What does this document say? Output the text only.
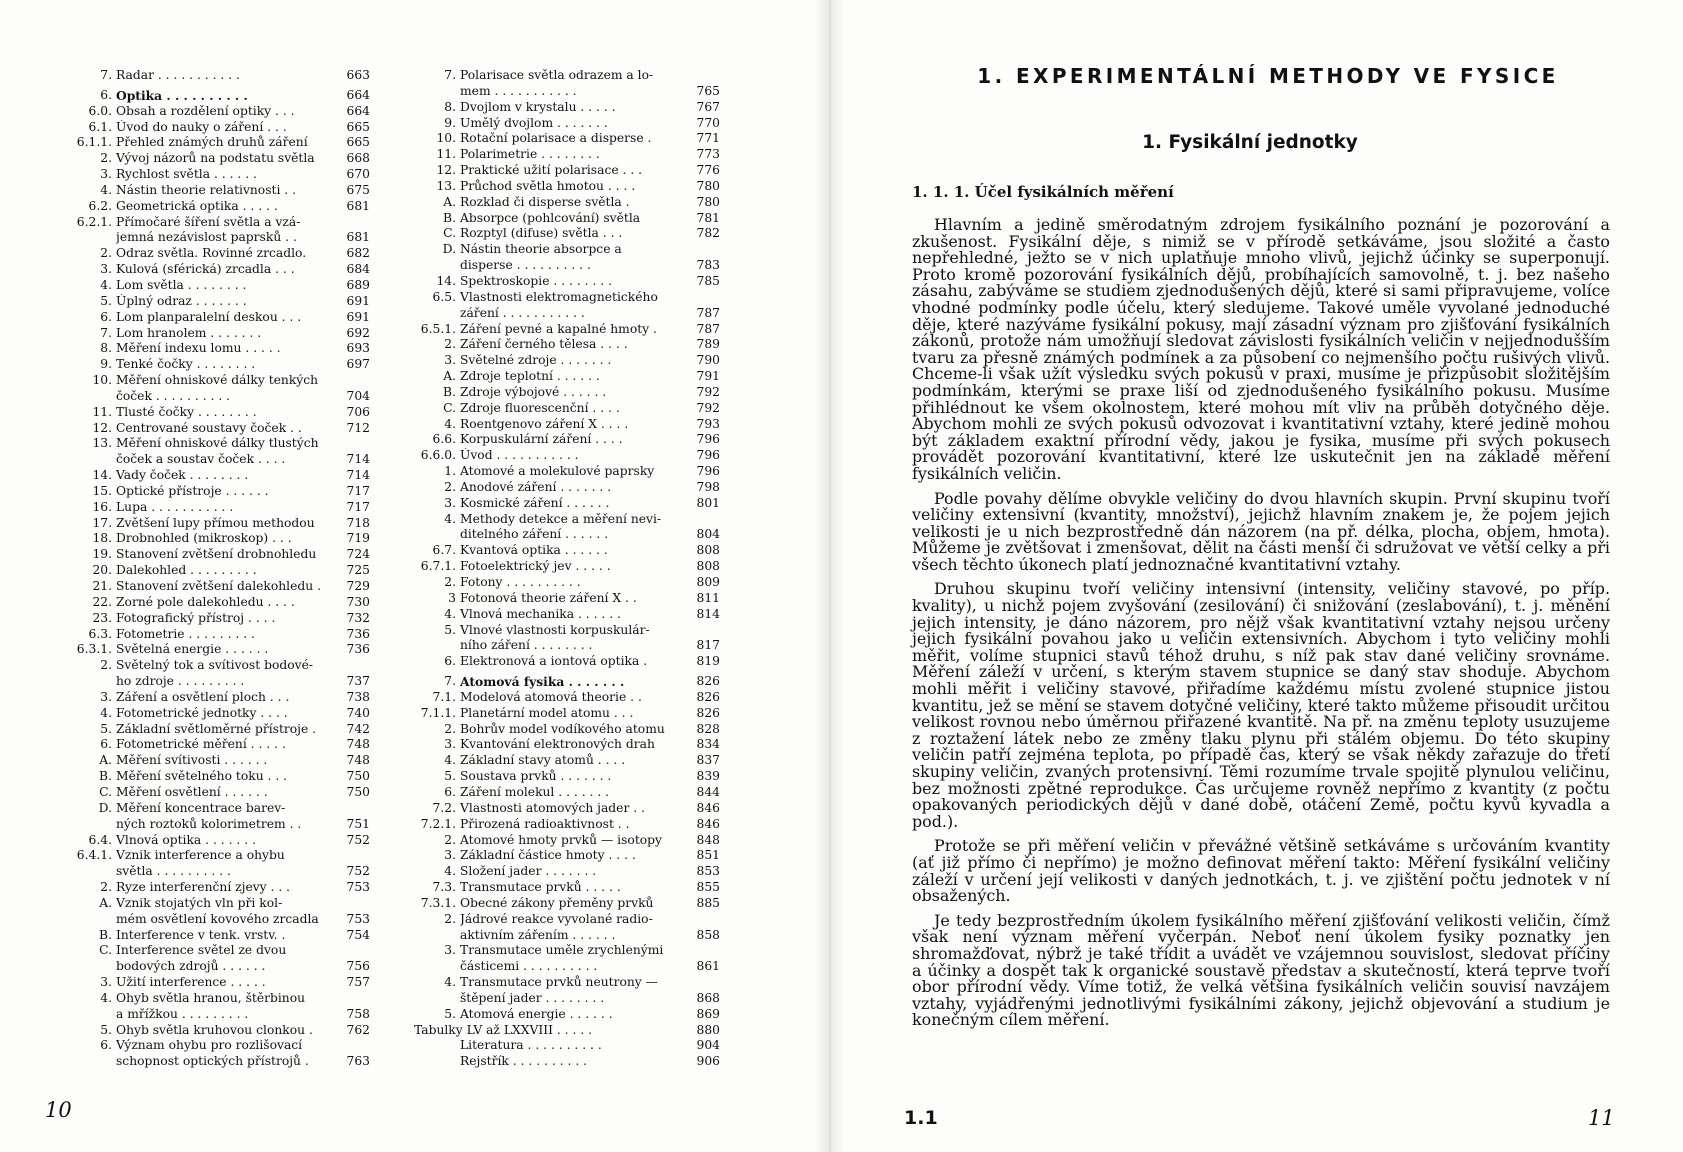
7. Radar . . . . . . . . . . .	663
6. Optika . . . . . . . . . .	664
6.0. Obsah a rozdělení optiky . . .	664
6.1. Úvod do nauky o záření . . .	665
6.1.1. Přehled známých druhů záření	665
2. Vývoj názorů na podstatu světla	668
3. Rychlost světla . . . . . .	670
4. Nástin theorie relativnosti . .	675
6.2. Geometrická optika . . . . .	681
6.2.1. Přímočaré šíření světla a vzá-
jemná nezávislost paprsků . .	681
2. Odraz světla. Rovinné zrcadlo.	682
3. Kulová (sférická) zrcadla . . .	684
4. Lom světla . . . . . . . .	689
5. Úplný odraz . . . . . . .	691
6. Lom planparalelní deskou . . .	691
7. Lom hranolem . . . . . . .	692
8. Měření indexu lomu . . . . .	693
9. Tenké čočky . . . . . . . .	697
10. Měření ohniskové dálky tenkých
čoček . . . . . . . . . .	704
11. Tlusté čočky . . . . . . . .	706
12. Centrované soustavy čoček . .	712
13. Měření ohniskové dálky tlustých
čoček a soustav čoček . . . .	714
14. Vady čoček . . . . . . . .	714
15. Optické přístroje . . . . . .	717
16. Lupa . . . . . . . . . . .	717
17. Zvětšení lupy přímou methodou	718
18. Drobnohled (mikroskop) . . .	719
19. Stanovení zvětšení drobnohledu	724
20. Dalekohled . . . . . . . . .	725
21. Stanovení zvětšení dalekohledu .	729
22. Zorné pole dalekohledu . . . .	730
23. Fotografický přístroj . . . .	732
6.3. Fotometrie . . . . . . . . .	736
6.3.1. Světelná energie . . . . . .	736
2. Světelný tok a svítivost bodové-
ho zdroje . . . . . . . . .	737
3. Záření a osvětlení ploch . . .	738
4. Fotometrické jednotky . . . .	740
5. Základní světloměrné přístroje .	742
6. Fotometrické měření . . . . .	748
A. Měření svítivosti . . . . . .	748
B. Měření světelného toku . . .	750
C. Měření osvětlení . . . . . .	750
D. Měření koncentrace barev-
ných roztoků kolorimetrem . .	751
6.4. Vlnová optika . . . . . . .	752
6.4.1. Vznik interference a ohybu
světla . . . . . . . . . .	752
2. Ryze interferenční zjevy . . .	753
A. Vznik stojatých vln při kol-
mém osvětlení kovového zrcadla	753
B. Interference v tenk. vrstv. .	754
C. Interference světel ze dvou
bodových zdrojů . . . . . .	756
3. Užití interference . . . . .	757
4. Ohyb světla hranou, štěrbinou
a mřížkou . . . . . . . . .	758
5. Ohyb světla kruhovou clonkou .	762
6. Význam ohybu pro rozlišovací
schopnost optických přístrojů .	763
7. Polarisace světla odrazem a lo-
mem . . . . . . . . . . .	765
8. Dvojlom v krystalu . . . . .	767
9. Umělý dvojlom . . . . . . .	770
10. Rotační polarisace a disperse .	771
11. Polarimetrie . . . . . . . .	773
12. Praktické užití polarisace . . .	776
13. Průchod světla hmotou . . . .	780
A. Rozklad či disperse světla .	780
B. Absorpce (pohlcování) světla	781
C. Rozptyl (difuse) světla . . .	782
D. Nástin theorie absorpce a
disperse . . . . . . . . . .	783
14. Spektroskopie . . . . . . . .	785
6.5. Vlastnosti elektromagnetického
záření . . . . . . . . . . .	787
6.5.1. Záření pevné a kapalné hmoty .	787
2. Záření černého tělesa . . . .	789
3. Světelné zdroje . . . . . . .	790
A. Zdroje teplotní . . . . . .	791
B. Zdroje výbojové . . . . . .	792
C. Zdroje fluorescenční . . . .	792
4. Roentgenovo záření X . . . .	793
6.6. Korpuskulární záření . . . .	796
6.6.0. Úvod . . . . . . . . . . .	796
1. Atomové a molekulové paprsky	796
2. Anodové záření . . . . . . .	798
3. Kosmické záření . . . . . .	801
4. Methody detekce a měření nevi-
ditelného záření . . . . . .	804
6.7. Kvantová optika . . . . . .	808
6.7.1. Fotoelektrický jev . . . . .	808
2. Fotony . . . . . . . . . .	809
3 Fotonová theorie záření X . .	811
4. Vlnová mechanika . . . . . .	814
5. Vlnové vlastnosti korpuskulár-
ního záření . . . . . . . .	817
6. Elektronová a iontová optika .	819
7. Atomová fysika . . . . . . .	826
7.1. Modelová atomová theorie . .	826
7.1.1. Planetární model atomu . . .	826
2. Bohrův model vodíkového atomu	828
3. Kvantování elektronových drah	834
4. Základní stavy atomů . . . .	837
5. Soustava prvků . . . . . . .	839
6. Záření molekul . . . . . . .	844
7.2. Vlastnosti atomových jader . .	846
7.2.1. Přirozená radioaktivnost . .	846
2. Atomové hmoty prvků — isotopy	848
3. Základní částice hmoty . . . .	851
4. Složení jader . . . . . . .	853
7.3. Transmutace prvků . . . . .	855
7.3.1. Obecné zákony přeměny prvků	885
2. Jádrové reakce vyvolané radio-
aktivním zářením . . . . . .	858
3. Transmutace uměle zrychlenými
částicemi . . . . . . . . . .	861
4. Transmutace prvků neutrony —
štěpení jader . . . . . . . .	868
5. Atomová energie . . . . . .	869
Tabulky LV až LXXVIII . . . . .	880
Literatura . . . . . . . . . .	904
Rejstřík . . . . . . . . . .	906
10
1. EXPERIMENTÁLNÍ METHODY VE FYSICE
1. Fysikální jednotky
1. 1. 1. Účel fysikálních měření

Hlavním a jedině směrodatným zdrojem fysikálního poznání je pozorování a zkušenost. Fysikální děje, s nimiž se v přírodě setkáváme, jsou složité a často nepřehledné, ježto se v nich uplatňuje mnoho vlivů, jejichž účinky se superponují. Proto kromě pozorování fysikálních dějů, probíhajících samovolně, t. j. bez našeho zásahu, zabýváme se studiem zjednodušených dějů, které si sami připravujeme, volíce vhodné podmínky podle účelu, který sledujeme. Takové uměle vyvolané jednoduché děje, které nazýváme fysikální pokusy, mají zásadní význam pro zjišťování fysikálních zákonů, protože nám umožňují sledovat závislosti fysikálních veličin v nejjednodušším tvaru za přesně známých podmínek a za působení co nejmenšího počtu rušivých vlivů. Chceme-li však užít výsledku svých pokusů v praxi, musíme je přizpůsobit složitějším podmínkám, kterými se praxe liší od zjednodušeného fysikálního pokusu. Musíme přihlédnout ke všem okolnostem, které mohou mít vliv na průběh dotyčného děje. Abychom mohli ze svých pokusů odvozovat i kvantitativní vztahy, které jedině mohou být základem exaktní přírodní vědy, jakou je fysika, musíme při svých pokusech provádět pozorování kvantitativní, které lze uskutečnit jen na základě měření fysikálních veličin.

Podle povahy dělíme obvykle veličiny do dvou hlavních skupin. První skupinu tvoří veličiny extensivní (kvantity, množství), jejichž hlavním znakem je, že pojem jejich velikosti je u nich bezprostředně dán názorem (na př. délka, plocha, objem, hmota). Můžeme je zvětšovat i zmenšovat, dělit na části menší či sdružovat ve větší celky a při všech těchto úkonech platí jednoznačné kvantitativní vztahy.

Druhou skupinu tvoří veličiny intensivní (intensity, veličiny stavové, po příp. kvality), u nichž pojem zvyšování (zesilování) či snižování (zeslabování), t. j. měnění jejich intensity, je dáno názorem, pro nějž však kvantitativní vztahy nejsou určeny jejich fysikální povahou jako u veličin extensivních. Abychom i tyto veličiny mohli měřit, volíme stupnici stavů téhož druhu, s níž pak stav dané veličiny srovnáme. Měření záleží v určení, s kterým stavem stupnice se daný stav shoduje. Abychom mohli měřit i veličiny stavové, přiřadíme každému místu zvolené stupnice jistou kvantitu, jež se mění se stavem dotyčné veličiny, které takto můžeme přisoudit určitou velikost rovnou nebo úměrnou přiřazené kvantitě. Na př. na změnu teploty usuzujeme z roztažení látek nebo ze změny tlaku plynu při stálém objemu. Do této skupiny veličin patří zejména teplota, po případě čas, který se však někdy zařazuje do třetí skupiny veličin, zvaných protensivní. Těmi rozumíme trvale spojitě plynulou veličinu, bez možnosti zpětné reprodukce. Čas určujeme rovněž nepřímo z kvantity (z počtu opakovaných periodických dějů v dané době, otáčení Země, počtu kyvů kyvadla a pod.).

Protože se při měření veličin v převážné většině setkáváme s určováním kvantity (ať již přímo či nepřímo) je možno definovat měření takto: Měření fysikální veličiny záleží v určení její velikosti v daných jednotkách, t. j. ve zjištění počtu jednotek v ní obsažených.

Je tedy bezprostředním úkolem fysikálního měření zjišťování velikosti veličin, čímž však není význam měření vyčerpán. Neboť není úkolem fysiky poznatky jen shromažďovat, nýbrž je také třídit a uvádět ve vzájemnou souvislost, sledovat příčiny a účinky a dospět tak k organické soustavě představ a skutečností, která teprve tvoří obor přírodní vědy. Víme totiž, že velká většina fysikálních veličin souvisí navzájem vztahy, vyjádřenými jednotlivými fysikálními zákony, jejichž objevování a studium je konečným cílem měření.

1.1	11
